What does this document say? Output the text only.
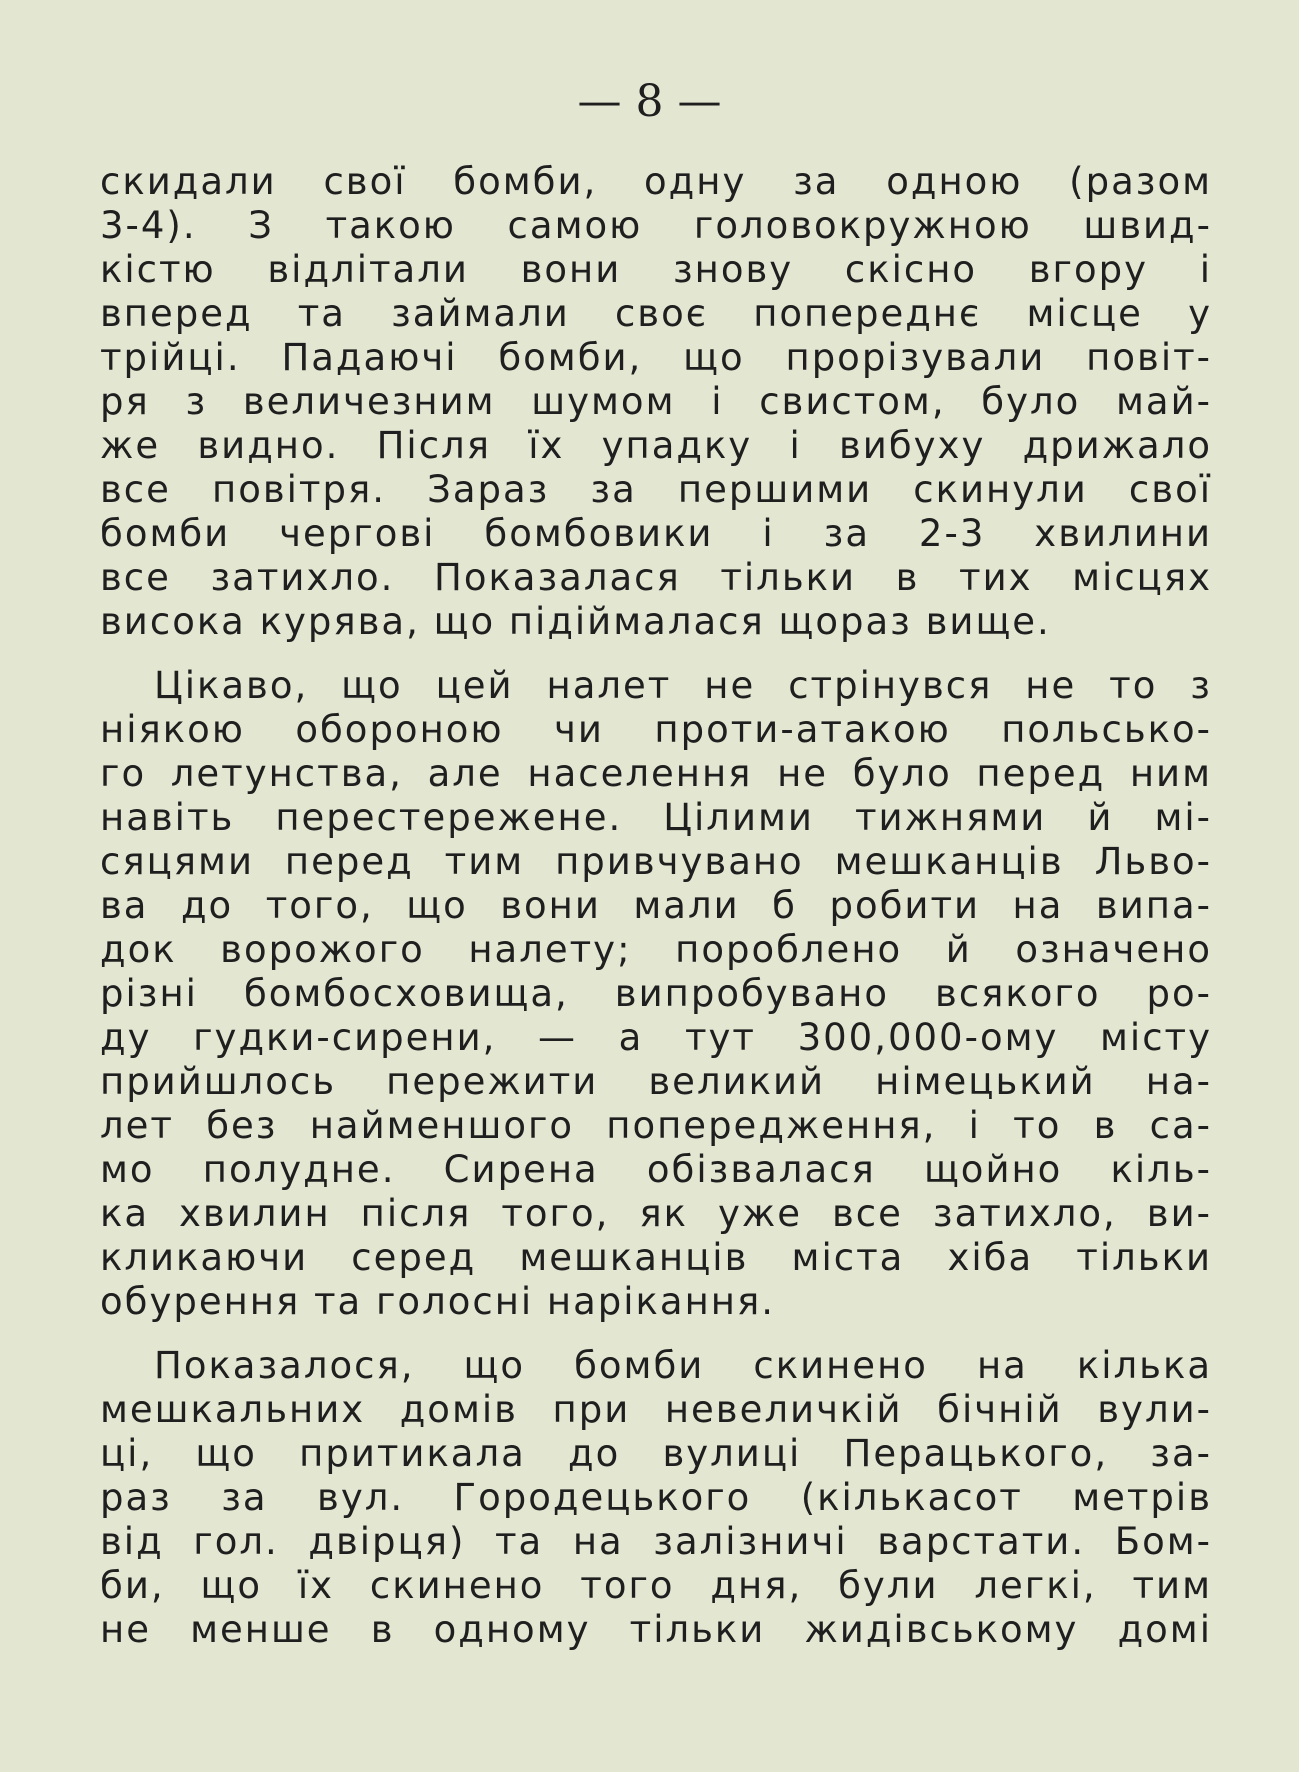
— 8 —
скидали свої бомби, одну за одною (разом
3-4). З такою самою головокружною швид-
кістю відлітали вони знову скісно вгору і
вперед та займали своє попереднє місце у
трійці. Падаючі бомби, що прорізували повіт-
ря з величезним шумом і свистом, було май-
же видно. Після їх упадку і вибуху дрижало
все повітря. Зараз за першими скинули свої
бомби чергові бомбовики і за 2-3 хвилини
все затихло. Показалася тільки в тих місцях
висока курява, що підіймалася щораз вище.
Цікаво, що цей налет не стрінувся не то з
ніякою обороною чи проти-атакою польсько-
го летунства, але населення не було перед ним
навіть перестережене. Цілими тижнями й мі-
сяцями перед тим привчувано мешканців Льво-
ва до того, що вони мали б робити на випа-
док ворожого налету; пороблено й означено
різні бомбосховища, випробувано всякого ро-
ду гудки-сирени, — а тут 300,000-ому місту
прийшлось пережити великий німецький на-
лет без найменшого попередження, і то в са-
мо полудне. Сирена обізвалася щойно кіль-
ка хвилин після того, як уже все затихло, ви-
кликаючи серед мешканців міста хіба тільки
обурення та голосні нарікання.
Показалося, що бомби скинено на кілька
мешкальних домів при невеличкій бічній вули-
ці, що притикала до вулиці Перацького, за-
раз за вул. Городецького (кількасот метрів
від гол. двірця) та на залізничі варстати. Бом-
би, що їх скинено того дня, були легкі, тим
не менше в одному тільки жидівському домі
